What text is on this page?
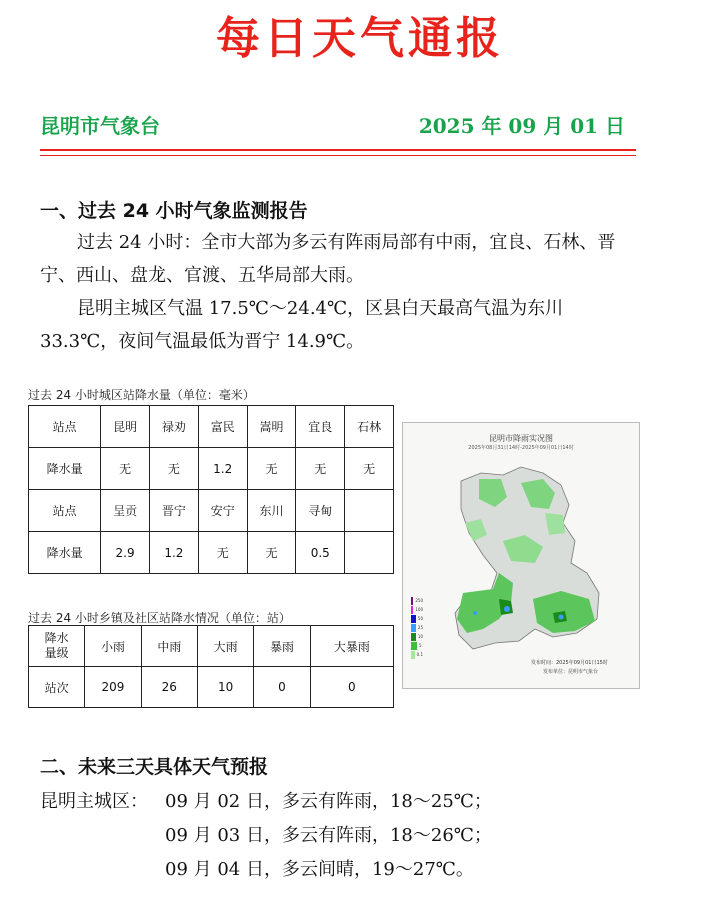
每日天气通报
昆明市气象台	2025 年 09 月 01 日
一、过去 24 小时气象监测报告
过去 24 小时：全市大部为多云有阵雨局部有中雨，宜良、石林、晋宁、西山、盘龙、官渡、五华局部大雨。
昆明主城区气温 17.5℃～24.4℃，区县白天最高气温为东川 33.3℃，夜间气温最低为晋宁 14.9℃。
过去 24 小时城区站降水量（单位：毫米）
站点	昆明	禄劝	富民	嵩明	宜良	石林
降水量	无	无	1.2	无	无	无
站点	呈贡	晋宁	安宁	东川	寻甸	
降水量	2.9	1.2	无	无	0.5	
过去 24 小时乡镇及社区站降水情况（单位：站）
降水
量级	小雨	中雨	大雨	暴雨	大暴雨
站次	209	26	10	0	0
昆明市降雨实况图
2025年08月31日14时-2025年09月01日14时
250
100
50
25
10
5
0.1
发布时间：2025年09月01日15时
发布单位：昆明市气象台
二、未来三天具体天气预报
昆明主城区： 09 月 02 日，多云有阵雨，18～25℃；
09 月 03 日，多云有阵雨，18～26℃；
09 月 04 日，多云间晴，19～27℃。
